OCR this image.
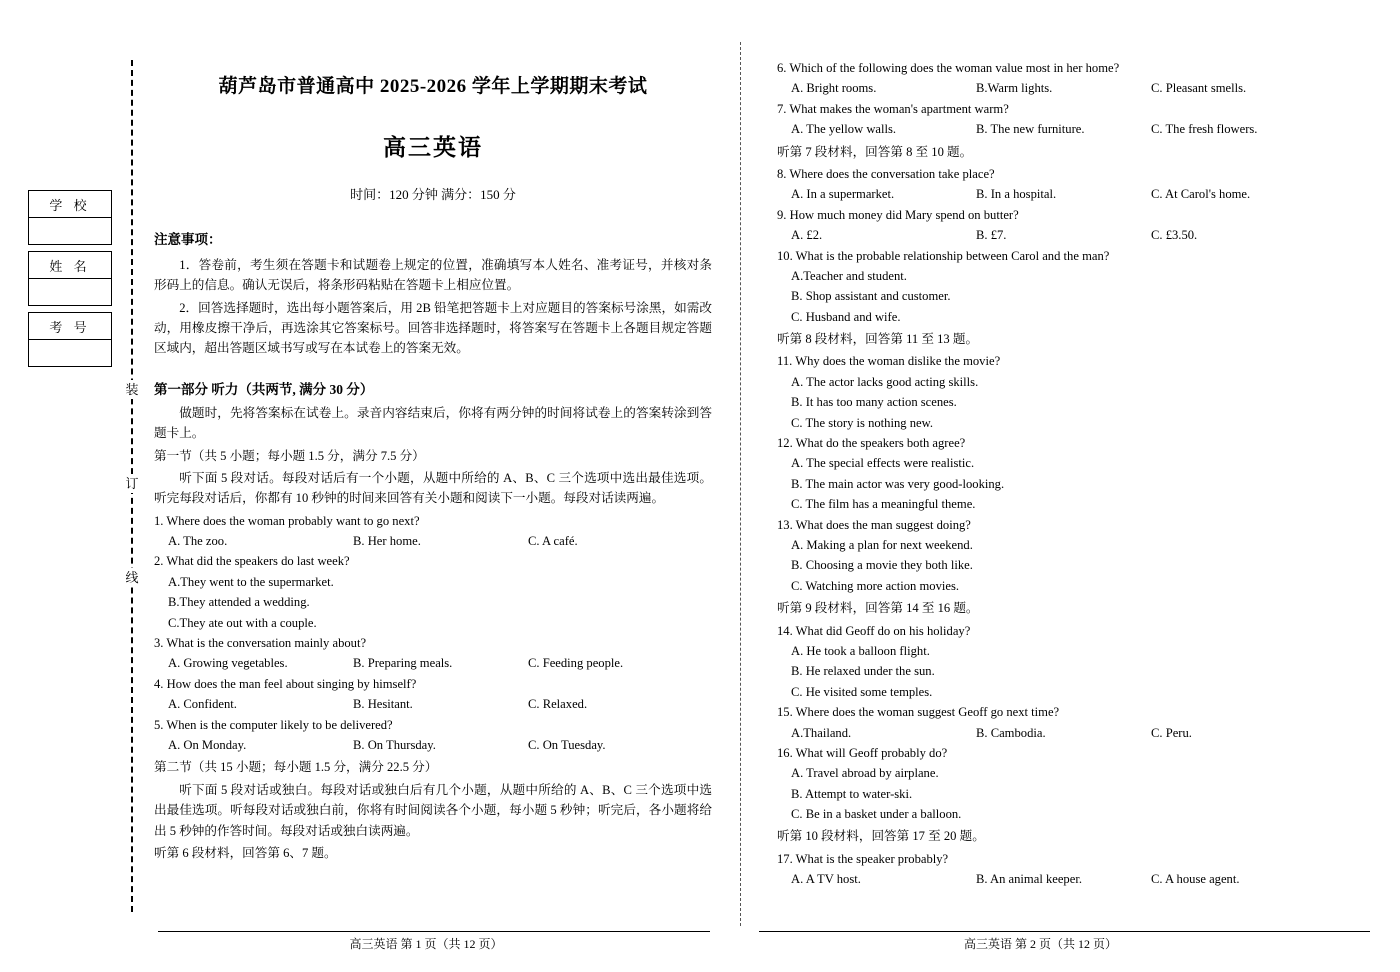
学 校
姓 名
考 号
装
订
线
葫芦岛市普通高中 2025-2026 学年上学期期末考试
高三英语
时间：120 分钟 满分：150 分
注意事项：

1．答卷前，考生须在答题卡和试题卷上规定的位置，准确填写本人姓名、准考证号，并核对条形码上的信息。确认无误后，将条形码粘贴在答题卡上相应位置。

2．回答选择题时，选出每小题答案后，用 2B 铅笔把答题卡上对应题目的答案标号涂黑，如需改动，用橡皮擦干净后，再选涂其它答案标号。回答非选择题时，将答案写在答题卡上各题目规定答题区域内，超出答题区域书写或写在本试卷上的答案无效。

第一部分 听力（共两节, 满分 30 分）

做题时，先将答案标在试卷上。录音内容结束后，你将有两分钟的时间将试卷上的答案转涂到答题卡上。

第一节（共 5 小题；每小题 1.5 分，满分 7.5 分）

听下面 5 段对话。每段对话后有一个小题，从题中所给的 A、B、C 三个选项中选出最佳选项。听完每段对话后，你都有 10 秒钟的时间来回答有关小题和阅读下一小题。每段对话读两遍。

1. Where does the woman probably want to go next?

A. The zoo.	B. Her home.	C. A café.

2. What did the speakers do last week?

A.They went to the supermarket.

B.They attended a wedding.

C.They ate out with a couple.

3. What is the conversation mainly about?

A. Growing vegetables.	B. Preparing meals.	C. Feeding people.

4. How does the man feel about singing by himself?

A. Confident.	B. Hesitant.	C. Relaxed.

5. When is the computer likely to be delivered?

A. On Monday.	B. On Thursday.	C. On Tuesday.

第二节（共 15 小题；每小题 1.5 分，满分 22.5 分）

听下面 5 段对话或独白。每段对话或独白后有几个小题，从题中所给的 A、B、C 三个选项中选出最佳选项。听每段对话或独白前，你将有时间阅读各个小题，每小题 5 秒钟；听完后，各小题将给出 5 秒钟的作答时间。每段对话或独白读两遍。

听第 6 段材料，回答第 6、7 题。

高三英语 第 1 页（共 12 页）

6. Which of the following does the woman value most in her home?

A. Bright rooms.	B.Warm lights.	C. Pleasant smells.

7. What makes the woman's apartment warm?

A. The yellow walls.	B. The new furniture.	C. The fresh flowers.

听第 7 段材料，回答第 8 至 10 题。

8. Where does the conversation take place?

A. In a supermarket.	B. In a hospital.	C. At Carol's home.

9. How much money did Mary spend on butter?

A. £2.	B. £7.	C. £3.50.

10. What is the probable relationship between Carol and the man?

A.Teacher and student.

B. Shop assistant and customer.

C. Husband and wife.

听第 8 段材料，回答第 11 至 13 题。

11. Why does the woman dislike the movie?

A. The actor lacks good acting skills.

B. It has too many action scenes.

C. The story is nothing new.

12. What do the speakers both agree?

A. The special effects were realistic.

B. The main actor was very good-looking.

C. The film has a meaningful theme.

13. What does the man suggest doing?

A. Making a plan for next weekend.

B. Choosing a movie they both like.

C. Watching more action movies.

听第 9 段材料，回答第 14 至 16 题。

14. What did Geoff do on his holiday?

A. He took a balloon flight.

B. He relaxed under the sun.

C. He visited some temples.

15. Where does the woman suggest Geoff go next time?

A.Thailand.	B. Cambodia.	C. Peru.

16. What will Geoff probably do?

A. Travel abroad by airplane.

B. Attempt to water-ski.

C. Be in a basket under a balloon.

听第 10 段材料，回答第 17 至 20 题。

17. What is the speaker probably?

A. A TV host.	B. An animal keeper.	C. A house agent.
高三英语 第 2 页（共 12 页）
